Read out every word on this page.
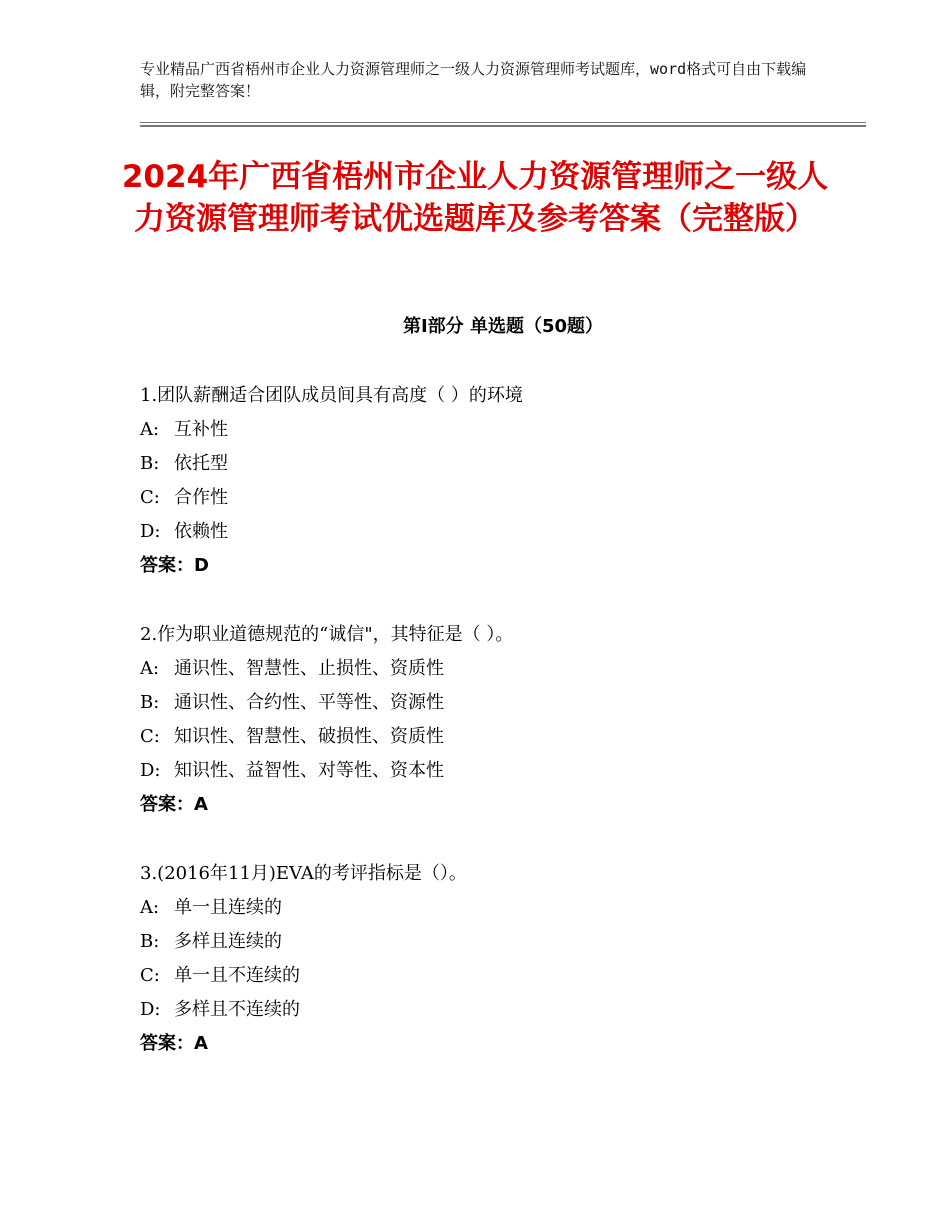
专业精品广西省梧州市企业人力资源管理师之一级人力资源管理师考试题库，word格式可自由下载编辑，附完整答案！
2024年广西省梧州市企业人力资源管理师之一级人力资源管理师考试优选题库及参考答案（完整版）
第Ⅰ部分 单选题（50题）
1.团队薪酬适合团队成员间具有高度（ ）的环境
A: 互补性
B: 依托型
C: 合作性
D: 依赖性
答案：D
2.作为职业道德规范的“诚信"，其特征是（ ）。
A: 通识性、智慧性、止损性、资质性
B: 通识性、合约性、平等性、资源性
C: 知识性、智慧性、破损性、资质性
D: 知识性、益智性、对等性、资本性
答案：A
3.(2016年11月)EVA的考评指标是（）。
A: 单一且连续的
B: 多样且连续的
C: 单一且不连续的
D: 多样且不连续的
答案：A
